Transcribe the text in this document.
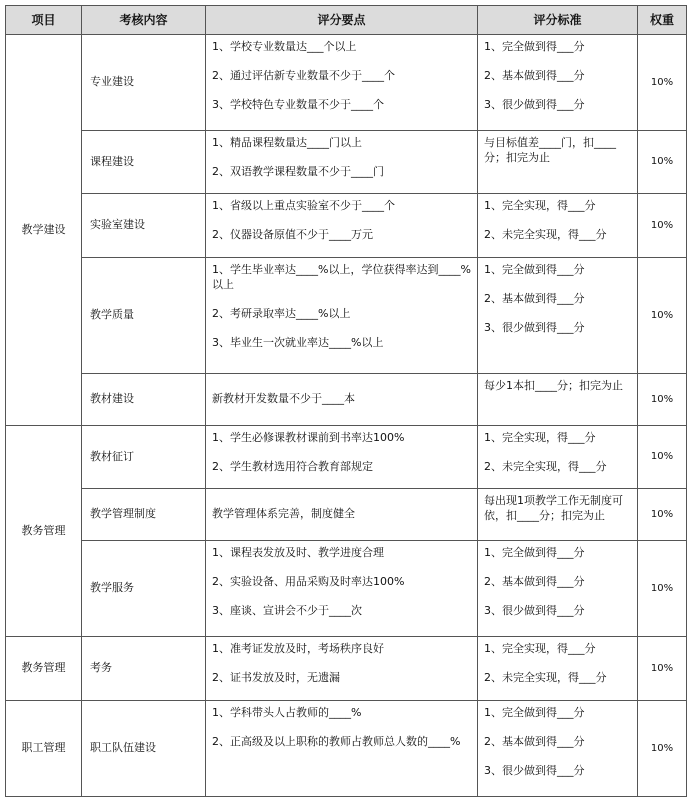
项目	考核内容	评分要点	评分标准	权重
教学建设	专业建设	1、学校专业数量达___个以上
2、通过评估新专业数量不少于____个
3、学校特色专业数量不少于____个	1、完全做到得___分
2、基本做到得___分
3、很少做到得___分	10%
	课程建设	1、精品课程数量达____门以上
2、双语教学课程数量不少于____门	与目标值差____门，扣____分；扣完为止	10%
	实验室建设	1、省级以上重点实验室不少于____个
2、仪器设备原值不少于____万元	1、完全实现，得___分
2、未完全实现，得___分	10%
	教学质量	1、学生毕业率达____%以上，学位获得率达到____%以上
2、考研录取率达____%以上
3、毕业生一次就业率达____%以上	1、完全做到得___分
2、基本做到得___分
3、很少做到得___分	10%
	教材建设	新教材开发数量不少于____本	每少1本扣____分；扣完为止	10%
教务管理	教材征订	1、学生必修课教材课前到书率达100%
2、学生教材选用符合教育部规定	1、完全实现，得___分
2、未完全实现，得___分	10%
	教学管理制度	教学管理体系完善，制度健全	每出现1项教学工作无制度可依，扣____分；扣完为止	10%
	教学服务	1、课程表发放及时、教学进度合理
2、实验设备、用品采购及时率达100%
3、座谈、宣讲会不少于____次	1、完全做到得___分
2、基本做到得___分
3、很少做到得___分	10%
教务管理	考务	1、准考证发放及时，考场秩序良好
2、证书发放及时，无遗漏	1、完全实现，得___分
2、未完全实现，得___分	10%
职工管理	职工队伍建设	1、学科带头人占教师的____%
2、正高级及以上职称的教师占教师总人数的____%	1、完全做到得___分
2、基本做到得___分
3、很少做到得___分	10%
